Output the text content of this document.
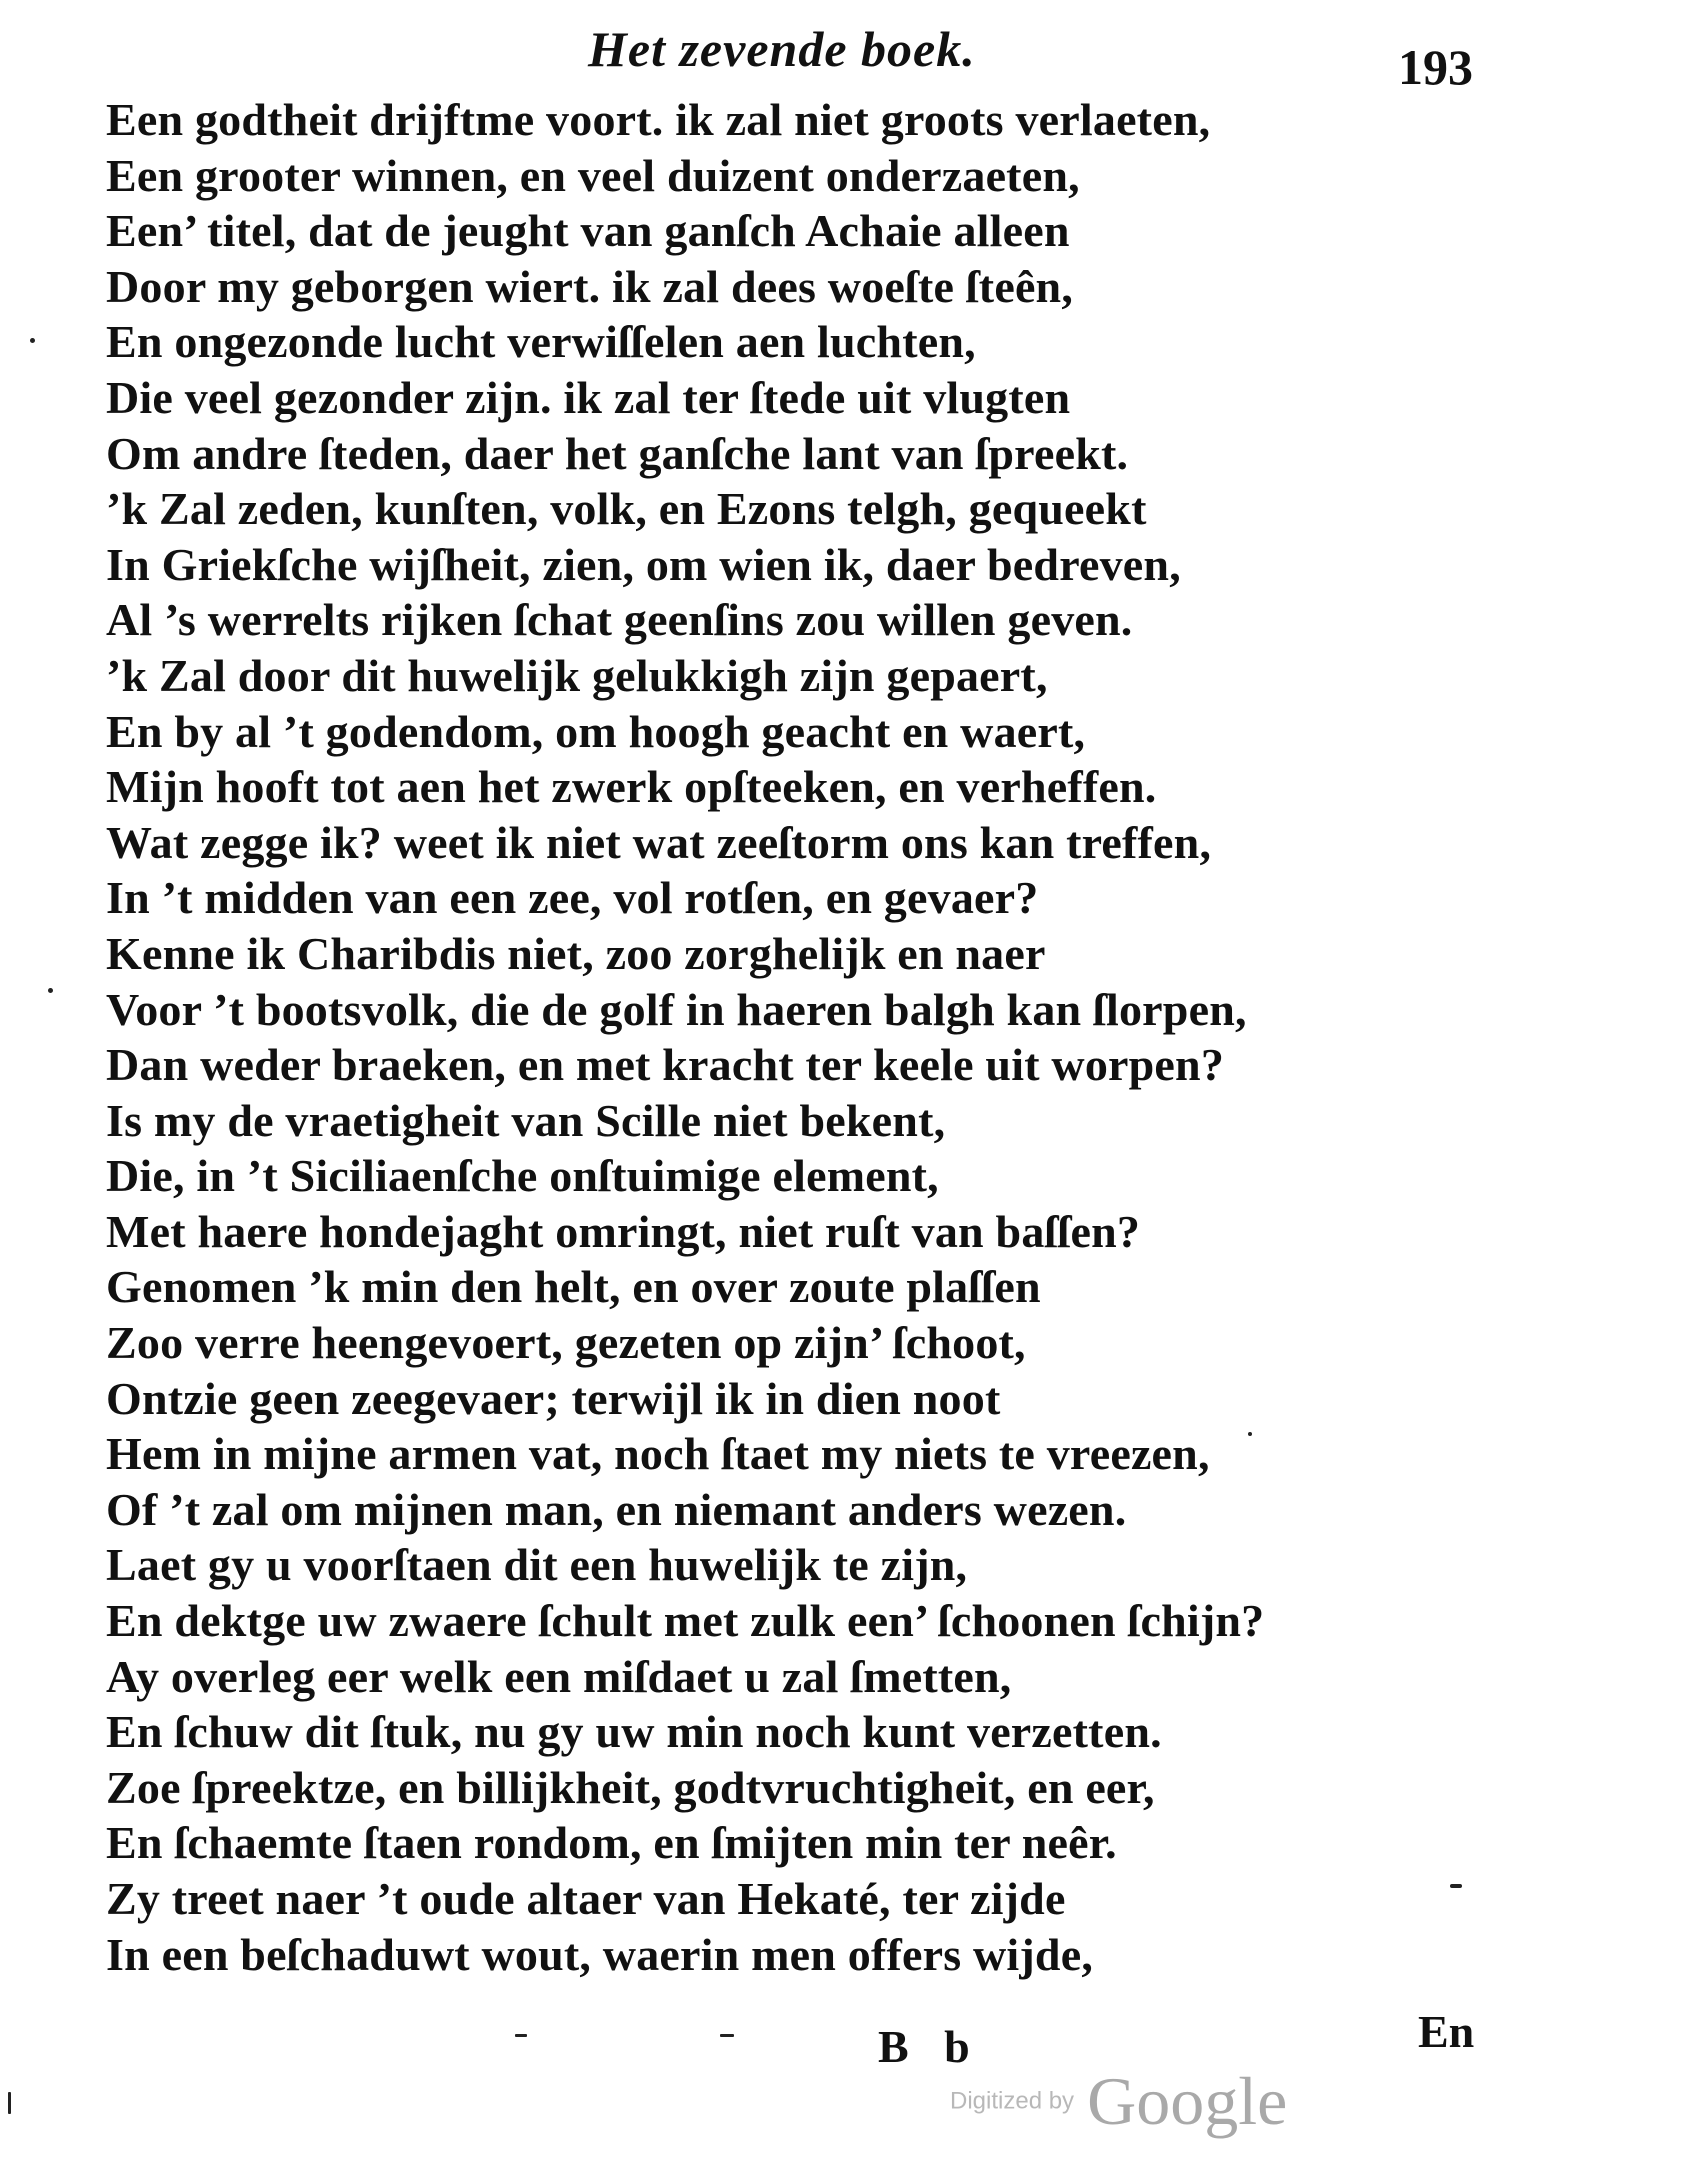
Het zevende boek.	193
Een godtheit drijftme voort. ik zal niet groots verlaeten,
Een grooter winnen, en veel duizent onderzaeten,
Een’ titel, dat de jeught van ganſch Achaie alleen
Door my geborgen wiert. ik zal dees woeſte ſteên,
En ongezonde lucht verwiſſelen aen luchten,
Die veel gezonder zijn. ik zal ter ſtede uit vlugten
Om andre ſteden, daer het ganſche lant van ſpreekt.
’k Zal zeden, kunſten, volk, en Ezons telgh, gequeekt
In Griekſche wijſheit, zien, om wien ik, daer bedreven,
Al ’s werrelts rijken ſchat geenſins zou willen geven.
’k Zal door dit huwelijk gelukkigh zijn gepaert,
En by al ’t godendom, om hoogh geacht en waert,
Mijn hooft tot aen het zwerk opſteeken, en verheffen.
Wat zegge ik? weet ik niet wat zeeſtorm ons kan treffen,
In ’t midden van een zee, vol rotſen, en gevaer?
Kenne ik Charibdis niet, zoo zorghelijk en naer
Voor ’t bootsvolk, die de golf in haeren balgh kan ſlorpen,
Dan weder braeken, en met kracht ter keele uit worpen?
Is my de vraetigheit van Scille niet bekent,
Die, in ’t Siciliaenſche onſtuimige element,
Met haere hondejaght omringt, niet ruſt van baſſen?
Genomen ’k min den helt, en over zoute plaſſen
Zoo verre heengevoert, gezeten op zijn’ ſchoot,
Ontzie geen zeegevaer; terwijl ik in dien noot
Hem in mijne armen vat, noch ſtaet my niets te vreezen,
Of ’t zal om mijnen man, en niemant anders wezen.
Laet gy u voorſtaen dit een huwelijk te zijn,
En dektge uw zwaere ſchult met zulk een’ ſchoonen ſchijn?
Ay overleg eer welk een miſdaet u zal ſmetten,
En ſchuw dit ſtuk, nu gy uw min noch kunt verzetten.
Zoe ſpreektze, en billijkheit, godtvruchtigheit, en eer,
En ſchaemte ſtaen rondom, en ſmijten min ter neêr.
Zy treet naer ’t oude altaer van Hekaté, ter zijde
In een beſchaduwt wout, waerin men offers wijde,
B b	En
Digitized by Google
